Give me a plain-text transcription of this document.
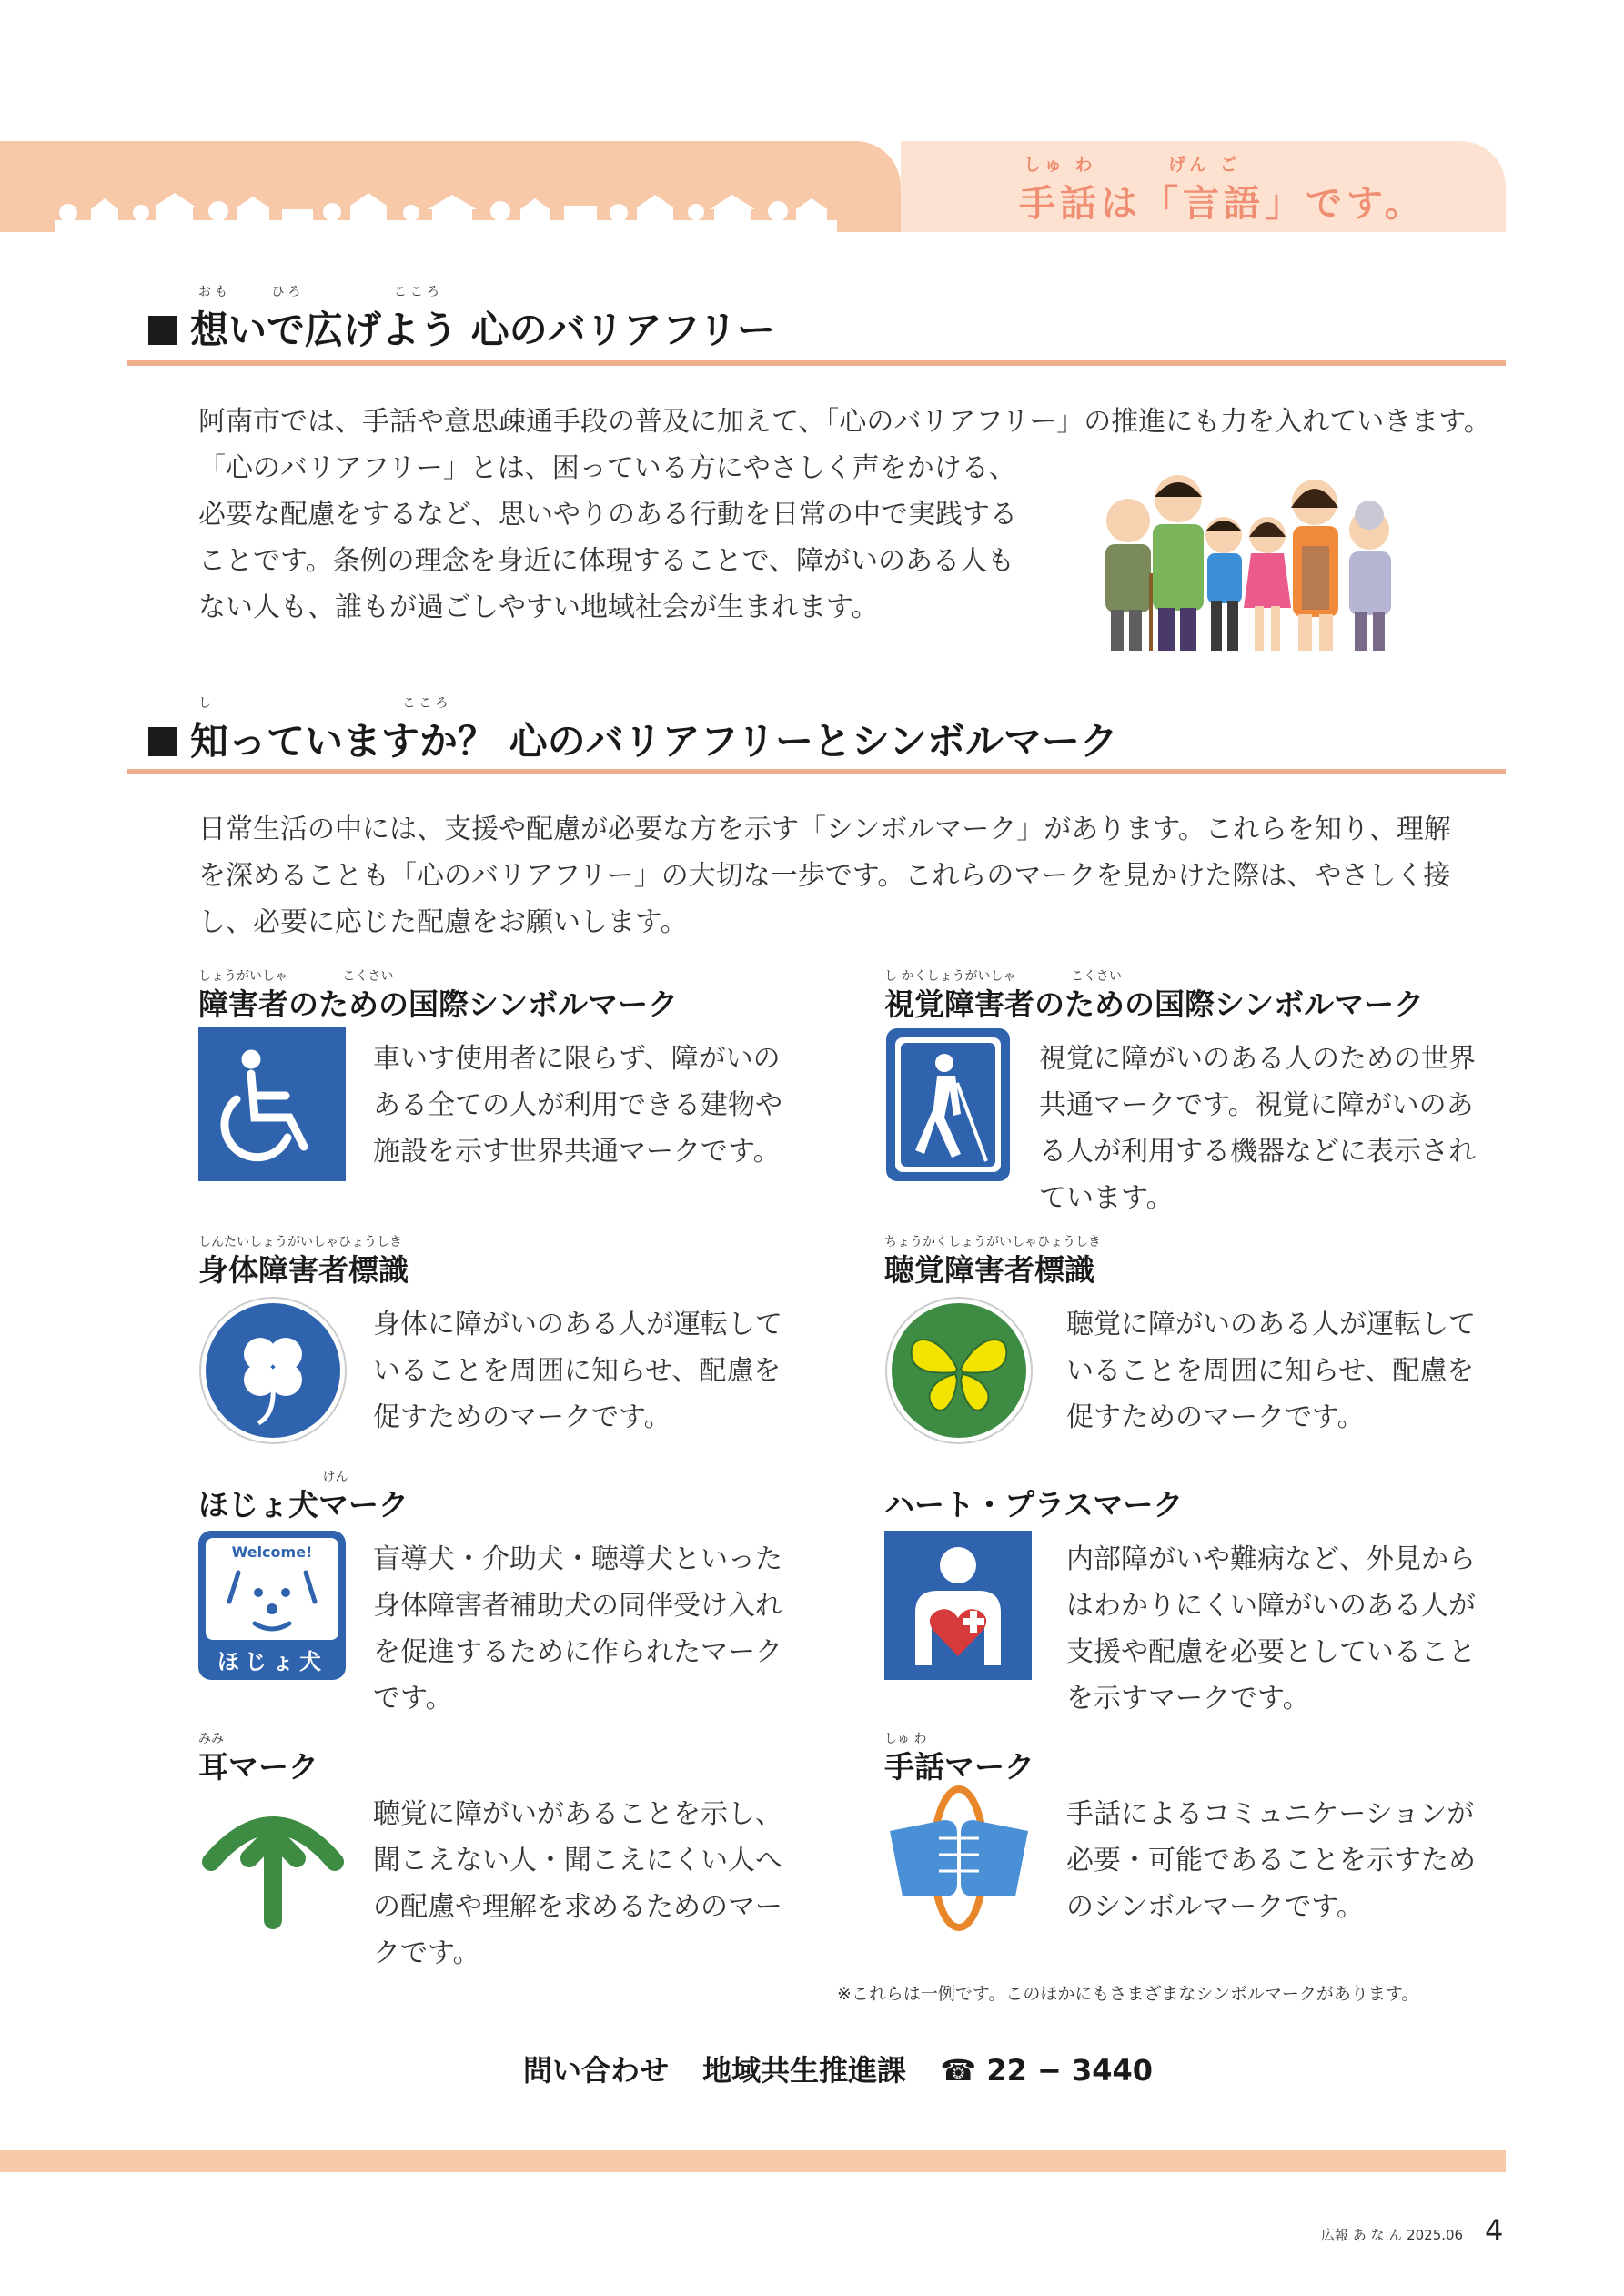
しゅ わ　　　 げん ご
手話は「言語」です。
おも　　 ひろ　　　　　 こころ
想いで広げよう 心のバリアフリー
阿南市では、手話や意思疎通手段の普及に加えて、「心のバリアフリー」の推進にも力を入れていきます。
「心のバリアフリー」とは、困っている方にやさしく声をかける、必要な配慮をするなど、思いやりのある行動を日常の中で実践することです。条例の理念を身近に体現することで、障がいのある人もない人も、誰もが過ごしやすい地域社会が生まれます。
し　　　　　　　　　　　 こころ
知っていますか？ 心のバリアフリーとシンボルマーク
日常生活の中には、支援や配慮が必要な方を示す「シンボルマーク」があります。これらを知り、理解を深めることも「心のバリアフリー」の大切な一歩です。これらのマークを見かけた際は、やさしく接し、必要に応じた配慮をお願いします。
しょうがいしゃ　　　　 こくさい
障害者のための国際シンボルマーク
車いす使用者に限らず、障がいのある全ての人が利用できる建物や施設を示す世界共通マークです。
し かくしょうがいしゃ　　　　 こくさい
視覚障害者のための国際シンボルマーク
視覚に障がいのある人のための世界共通マークです。視覚に障がいのある人が利用する機器などに表示されています。
しんたいしょうがいしゃひょうしき
身体障害者標識
身体に障がいのある人が運転していることを周囲に知らせ、配慮を促すためのマークです。
ちょうかくしょうがいしゃひょうしき
聴覚障害者標識
聴覚に障がいのある人が運転していることを周囲に知らせ、配慮を促すためのマークです。
　　 けん
ほじょ犬マーク
Welcome!
ほじょ犬
盲導犬・介助犬・聴導犬といった身体障害者補助犬の同伴受け入れを促進するために作られたマークです。
ハート・プラスマーク
内部障がいや難病など、外見からはわかりにくい障がいのある人が支援や配慮を必要としていることを示すマークです。
みみ
耳マーク
聴覚に障がいがあることを示し、聞こえない人・聞こえにくい人への配慮や理解を求めるためのマークです。
しゅ わ
手話マーク
手話によるコミュニケーションが必要・可能であることを示すためのシンボルマークです。
※これらは一例です。このほかにもさまざまなシンボルマークがあります。
問い合わせ 地域共生推進課 ☎ 22 − 3440
広報 あ な ん 2025.06 4
